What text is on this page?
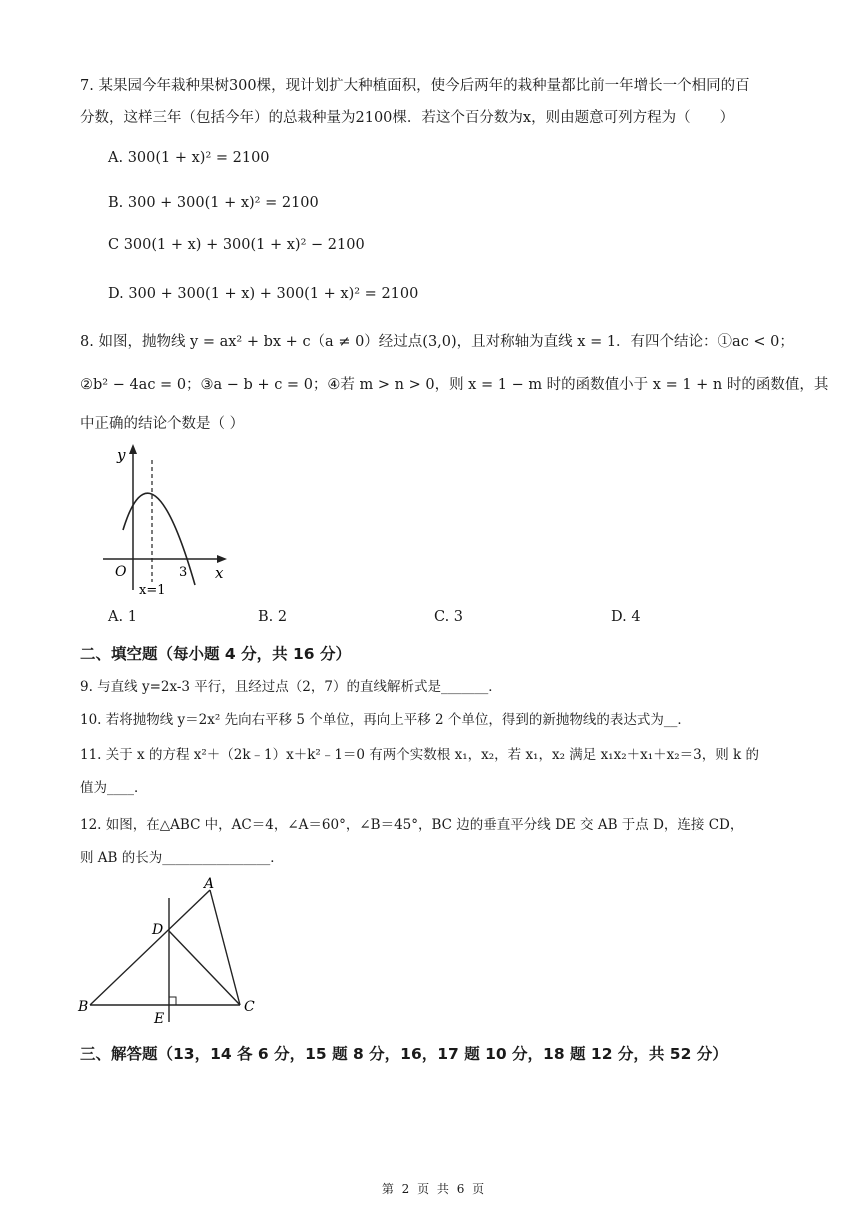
7. 某果园今年栽种果树300棵，现计划扩大种植面积，使今后两年的栽种量都比前一年增长一个相同的百
分数，这样三年（包括今年）的总栽种量为2100棵．若这个百分数为x，则由题意可列方程为（　　）
A. 300(1 + x)² = 2100
B. 300 + 300(1 + x)² = 2100
C 300(1 + x) + 300(1 + x)² − 2100
D. 300 + 300(1 + x) + 300(1 + x)² = 2100
8. 如图，抛物线 y = ax² + bx + c（a ≠ 0）经过点(3,0)，且对称轴为直线 x = 1．有四个结论：①ac < 0；
②b² − 4ac = 0；③a − b + c = 0；④若 m > n > 0，则 x = 1 − m 时的函数值小于 x = 1 + n 时的函数值，其
中正确的结论个数是（ ）
y
x
O	3
x=1
A. 1	B. 2	C. 3	D. 4
二、填空题（每小题 4 分，共 16 分）
9. 与直线 y=2x-3 平行，且经过点（2，7）的直线解析式是_______．
10. 若将抛物线 y＝2x² 先向右平移 5 个单位，再向上平移 2 个单位，得到的新抛物线的表达式为__．
11. 关于 x 的方程 x²＋（2k﹣1）x＋k²﹣1＝0 有两个实数根 x₁，x₂，若 x₁，x₂ 满足 x₁x₂＋x₁＋x₂＝3，则 k 的
值为____．
12. 如图，在△ABC 中，AC＝4，∠A＝60°，∠B＝45°，BC 边的垂直平分线 DE 交 AB 于点 D，连接 CD，
则 AB 的长为________________．
A
B	C
D
E
三、解答题（13，14 各 6 分，15 题 8 分，16，17 题 10 分，18 题 12 分，共 52 分）
第 2 页 共 6 页
